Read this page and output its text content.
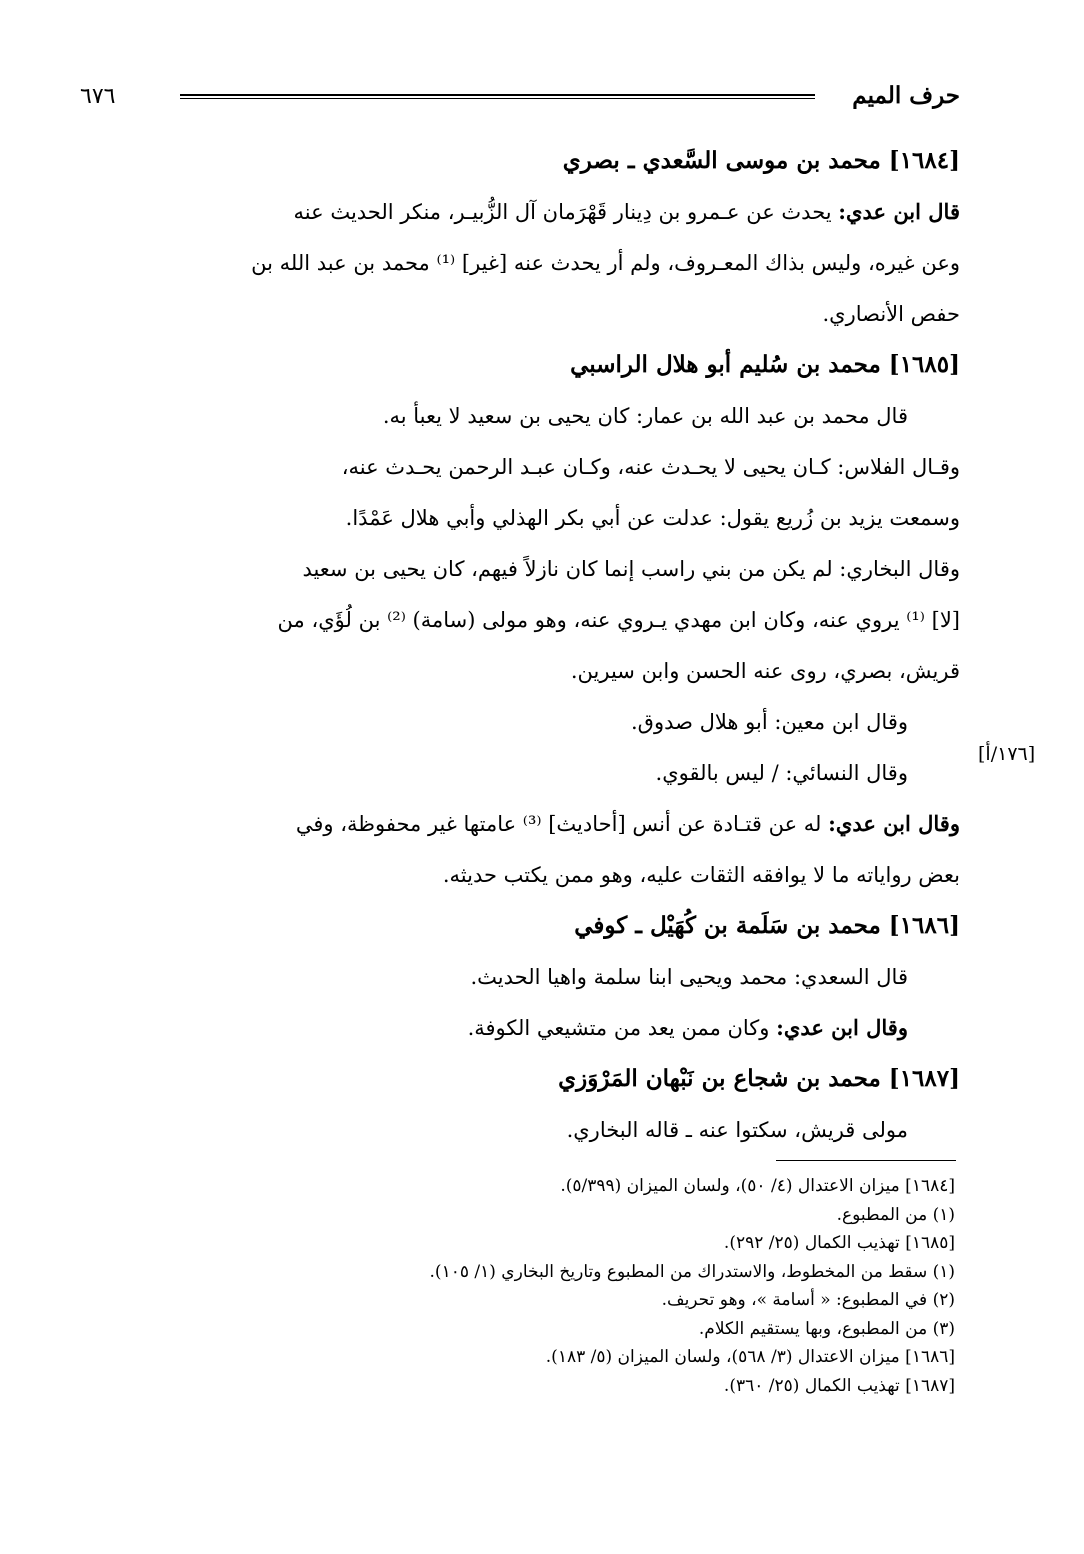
٦٧٦	حرف الميم
[١٧٦/أ]
[١٦٨٤] محمد بن موسى السَّعدي ـ بصري
قال ابن عدي: يحدث عن عـمرو بن دِينار قَهْرَمان آل الزُّبيـر، منكر الحديث عنه
وعن غيره، وليس بذاك المعـروف، ولم أر يحدث عنه [غير] ⁽¹⁾ محمد بن عبد الله بن
حفص الأنصاري.
[١٦٨٥] محمد بن سُليم أبو هلال الراسبي
قال محمد بن عبد الله بن عمار: كان يحيى بن سعيد لا يعبأ به.
وقـال الفلاس: كـان يحيى لا يحـدث عنه، وكـان عبـد الرحمن يحـدث عنه،
وسمعت يزيد بن زُريع يقول: عدلت عن أبي بكر الهذلي وأبي هلال عَمْدًا.
وقال البخاري: لم يكن من بني راسب إنما كان نازلاً فيهم، كان يحيى بن سعيد
[لا] ⁽¹⁾ يروي عنه، وكان ابن مهدي يـروي عنه، وهو مولى (سامة) ⁽²⁾ بن لُؤَي، من
قريش، بصري، روى عنه الحسن وابن سيرين.
وقال ابن معين: أبو هلال صدوق.
وقال النسائي: / ليس بالقوي.
وقال ابن عدي: له عن قتـادة عن أنس [أحاديث] ⁽³⁾ عامتها غير محفوظة، وفي
بعض رواياته ما لا يوافقه الثقات عليه، وهو ممن يكتب حديثه.
[١٦٨٦] محمد بن سَلَمة بن كُهَيْل ـ كوفي
قال السعدي: محمد ويحيى ابنا سلمة واهيا الحديث.
وقال ابن عدي: وكان ممن يعد من متشيعي الكوفة.
[١٦٨٧] محمد بن شجاع بن نَبْهان المَرْوَزي
مولى قريش، سكتوا عنه ـ قاله البخاري.
[١٦٨٤] ميزان الاعتدال (٤/ ٥٠)، ولسان الميزان (٥/٣٩٩).
(١) من المطبوع.
[١٦٨٥] تهذيب الكمال (٢٥/ ٢٩٢).
(١) سقط من المخطوط، والاستدراك من المطبوع وتاريخ البخاري (١/ ١٠٥).
(٢) في المطبوع: « أسامة »، وهو تحريف.
(٣) من المطبوع، وبها يستقيم الكلام.
[١٦٨٦] ميزان الاعتدال (٣/ ٥٦٨)، ولسان الميزان (٥/ ١٨٣).
[١٦٨٧] تهذيب الكمال (٢٥/ ٣٦٠).
